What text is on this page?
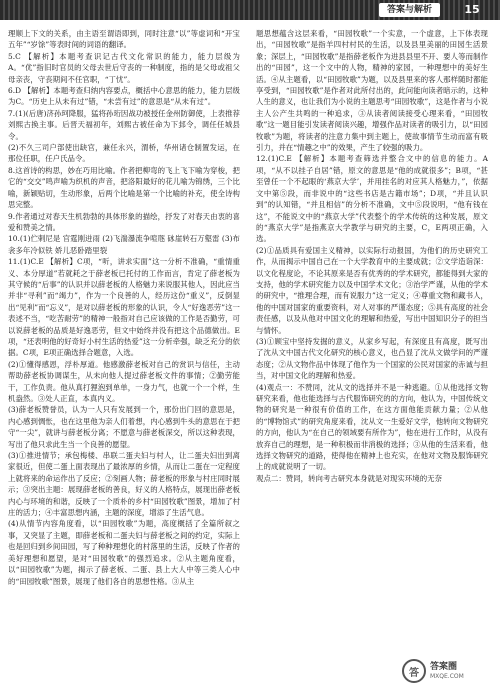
答案与解析	15

理顺上下文的关系，由主语至谓语即到，同时注意“以”等虚词和“开宝五年”“岁馀”等表时间的词语的翻译。

5.C 【解析】本题考查识记古代文化常识的能力，能力层级为A。“优”指旧时官员的父母去世后守丧的一种制度，指的是父母或祖父母亲丧，守丧期间不任官职，“丁忧”。

6.D 【解析】本题考查归纳内容要点，概括中心意思的能力，能力层级为C。“历史上从未有过”错，“未尝有过”的意思是“从未有过”。

7.(1)(后唐)济孙珂降服，猛将孙珩因战功被授任金州防御使，上表推荐刘熙古换主事。后晋天福初年，刘熙古被任命为下邽令，调任任城县令。

(2)不久三司户部使出缺官，兼任永兴，渭桥，华州诸仓制置发运，在那位任职，任户氏品令。

8.这首诗的构思，妙在巧用比喻。作者把柳弯的飞上飞下喻为穿梭，把它的“交交”鸣声喻为织机的声音，把洛阳最好的花儿喻为锦绣，三个比喻，新颖贴切，生动形象，后两个比喻是第一个比喻的补充，使全诗构思完整。

9.作者通过对春天生机勃勃的具体形象的描绘，抒发了对春天由衷的喜爱和赞美之情。

10.(1)伫剌尼是 官霆刚迸雨 (2)飞湍瀑流争喧豗 砯崖转石万壑雷 (3)布衾多年冷似铁 娇儿恶卧踏里裂

11.(1)C.E 【解析】C项，“听，讲求实面”这一分析不准确，“重情重义、本分厚道”若就耗之于薛老板已托付的工作而言，肯定了薛老板为其守候的“后事”的认识并以薛老板的人格魅力来说服其他人，因此应当并非“寻利”而“竭力”，作为一个良善的人，经历这份“重义”，反倒显出“见利”而“忘义”，是对以薛老板的形象的认识，令人“好逸恶劳”这一表述不当，“吃苦耐劳”的精神一般指对自己应该做的工作是否勤劳，可以说薛老板的品质是好逸恶劳，但文中始终并没有把这个品德做出。E项，“还表明他的好奇好小村生活的热爱”这一分析牵强，缺乏充分的依据。C项，E项正确选择合题意，入选。

(2)①懂得感恩，浮朴厚道。他感激薛老板对自己的赏识与信任，主动帮助薛老板协调谋生，从未向他人提过薛老板文件的事情；②勤劳能干，工作负责。他从真打狸泡到单单，一身力气，也就一个一个样，生机盎然。③处人正直，本真内义。

(3)薛老板赞誉员，认为一人只有发展到一个，那份出门回的意思是，内心感到惆怅，也在这里他为亲人们着想，内心感到牛头的意思在于把守“一尖”，就讲与薛老板分离；不愿意与薛老板深交，所以这种表现，写出了他只求此生当一个良善的愿望。

(3)①推进情节；承包梅楼、串联二蛋夫妇与村人，让二蛋夫妇出到离家很近，但使二蛋上面表现出了最浓厚的乡情，从而让二蛋在一定程度上就将来的命运作出了反应；②刻画人物；薛老板的形象与村庄同时展示；③突出主题：展现薛老板的善良，好义的人格特点，展现出薛老板内心与环境的和谐，反映了一个质朴的乡村“田园牧歌”图景，增加了村庄的活力；④丰富思想内涵，主题的深度，增添了生活气息。

(4)从情节内容角度看，以“田园牧歌”为题，高度概括了全篇所叙之事，又突显了主题，即薛老板和二蛋夫妇与薛老板之间的约定，实际上也是回归到乡间田园，写了种种理想化的村落里的生活，反映了作者的美好理想和愿望，是对“田园牧歌”的强烈追求。②从主题角度看，以“田园牧歌”为题，揭示了薛老板、二蛋、县上大人中等三类人心中的“田园牧歌”图景，展现了他们各自的思想性格。③从主

题思想蕴含这层来看，“田园牧歌”一个实意，一个虚意，上下体表现出，“田园牧歌”是指羊四村村民的生活，以及县里美丽的田园生活景象；深层上，“田园牧歌”是指薛老板作为进县县里不开、要人等而制作出的“田园”，这一个文中的人物，精神的家园，一种理想中的美好生活。④从主题看，以“田园牧歌”为题，以及县里来的客人那样随时都能享受到，“田园牧歌”是作者对此所付出的，此问能向读者暗示的，这种人生的意义，也让我们为小说的主题思考“田园牧歌”，这是作者与小说主人公产生共鸣的一种追求，③从读者阅读接受心理来看，“田园牧歌”这一题目能引发读者阅读兴趣，增强作品对读者的吸引力，以“田园牧歌”为题，将读者的注意力集中到主题上，使故事情节生动而富有吸引力，并在“情趣之中”的效果，产生了较强的吸力。

12.(1)C.E 【解析】本题考查筛选并整合文中的信息的能力。A项，“从不以挂子自居”错，原文的意思是“他的成就很多”；B项，“甚至曾任一个不起眼的‘燕京大学’，并用挂名的对应其人格魅力，”，依据文中第⑤段，而非说中的“这些书店是古籍市场”；D项，“并且认识到”的认知错，“并且相信”的分析不准确，文中⑤段说明，“他有钱在这”，不能说文中的“燕京大学”代表整个的学术传统的这种发展，原文的“燕京大学”是指燕京大学教学与研究的主要，C，E两项正确，入选。

(2)①品质具有爱国主义精神，以实际行动报国，为他们的历史研究工作，从而揭示中国自己在一个大学教育中的主要成就；②文学造诣深：以文化程度论，不论其原来是否有优秀的的学术研究，都能得到大家的支持，他的学术研究能力以及中国学术文化；③治学严谨，从他的学术的研究中，“推理合理，而有说服力”这一定义；④尊重文物和藏书人，他的中国对国家的重要资料，对人对事的严谨态度；⑤具有高度的社会责任感，以及从他对中国文化的理解和热爱，写出中国知识分子的担当与情怀。

(3)①顾宝中坚持发掘的意义，从家乡写起，有深度且有高度，既写出了沈从文中国古代文化研究的核心意义，也凸显了沈从文做学问的严谨态度；②从文物作品中体现了他作为一个国家的公民对国家的赤诚与担当，对中国文化的理解和热爱。

(4)观点一：不赞同，沈从文的选择并不是一种逃避。①从他选择文物研究来看，他也能选择与古代服饰研究的的方向，他认为，中国传统文物的研究是一种很有价值的工作，在这方面他能贡献力量；②从他的“博物馆式”的研究角度来看，沈从文一生爱好文学，他转向文物研究的方向，他认为“在自己的领域要有所作为”，他在进行工作时，从没有放弃自己的理想，是一种积极而非消极的选择；③从他的生活来看，他选择文物研究的道路，使得他在精神上也充实，在他对文物及服饰研究上的成就说明了一切。

观点二：赞同，转向考古研究本身就是对现实环境的无奈

答
答案圈
MXQE.COM
